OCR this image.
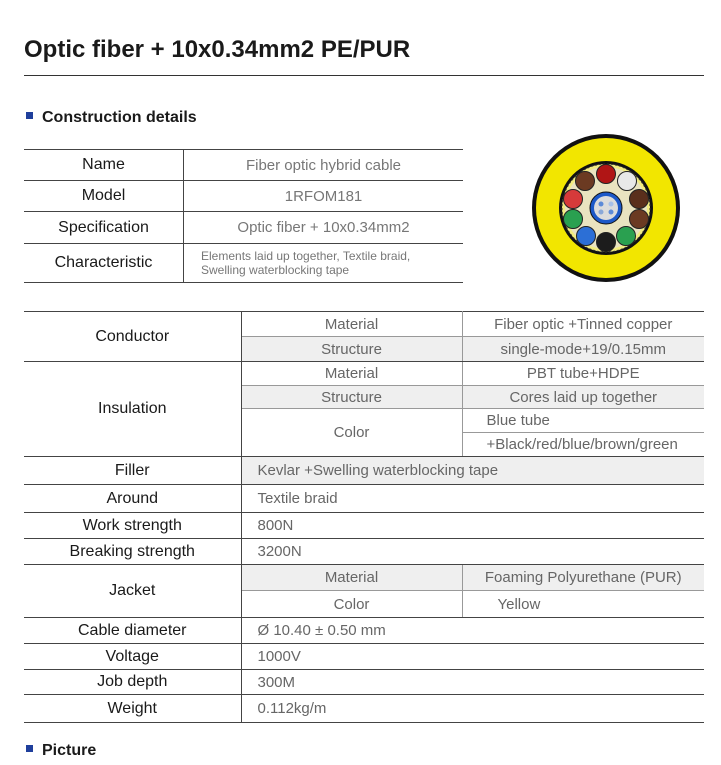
Optic fiber + 10x0.34mm2 PE/PUR
Construction details
Name	Fiber optic hybrid cable
Model	1RFOM181
Specification	Optic fiber + 10x0.34mm2
Characteristic	Elements laid up together, Textile braid,
Swelling waterblocking tape
Conductor	Material	Fiber optic +Tinned copper
	Structure	single-mode+19/0.15mm
Insulation	Material	PBT tube+HDPE
	Structure	Cores laid up together
	Color	Blue tube
		+Black/red/blue/brown/green
Filler	Kevlar +Swelling waterblocking tape	
Around	Textile braid	
Work strength	800N	
Breaking strength	3200N	
Jacket	Material	Foaming Polyurethane (PUR)
	Color	Yellow
Cable diameter	Ø 10.40 ± 0.50 mm	
Voltage	1000V	
Job depth	300M	
Weight	0.112kg/m	
Picture
